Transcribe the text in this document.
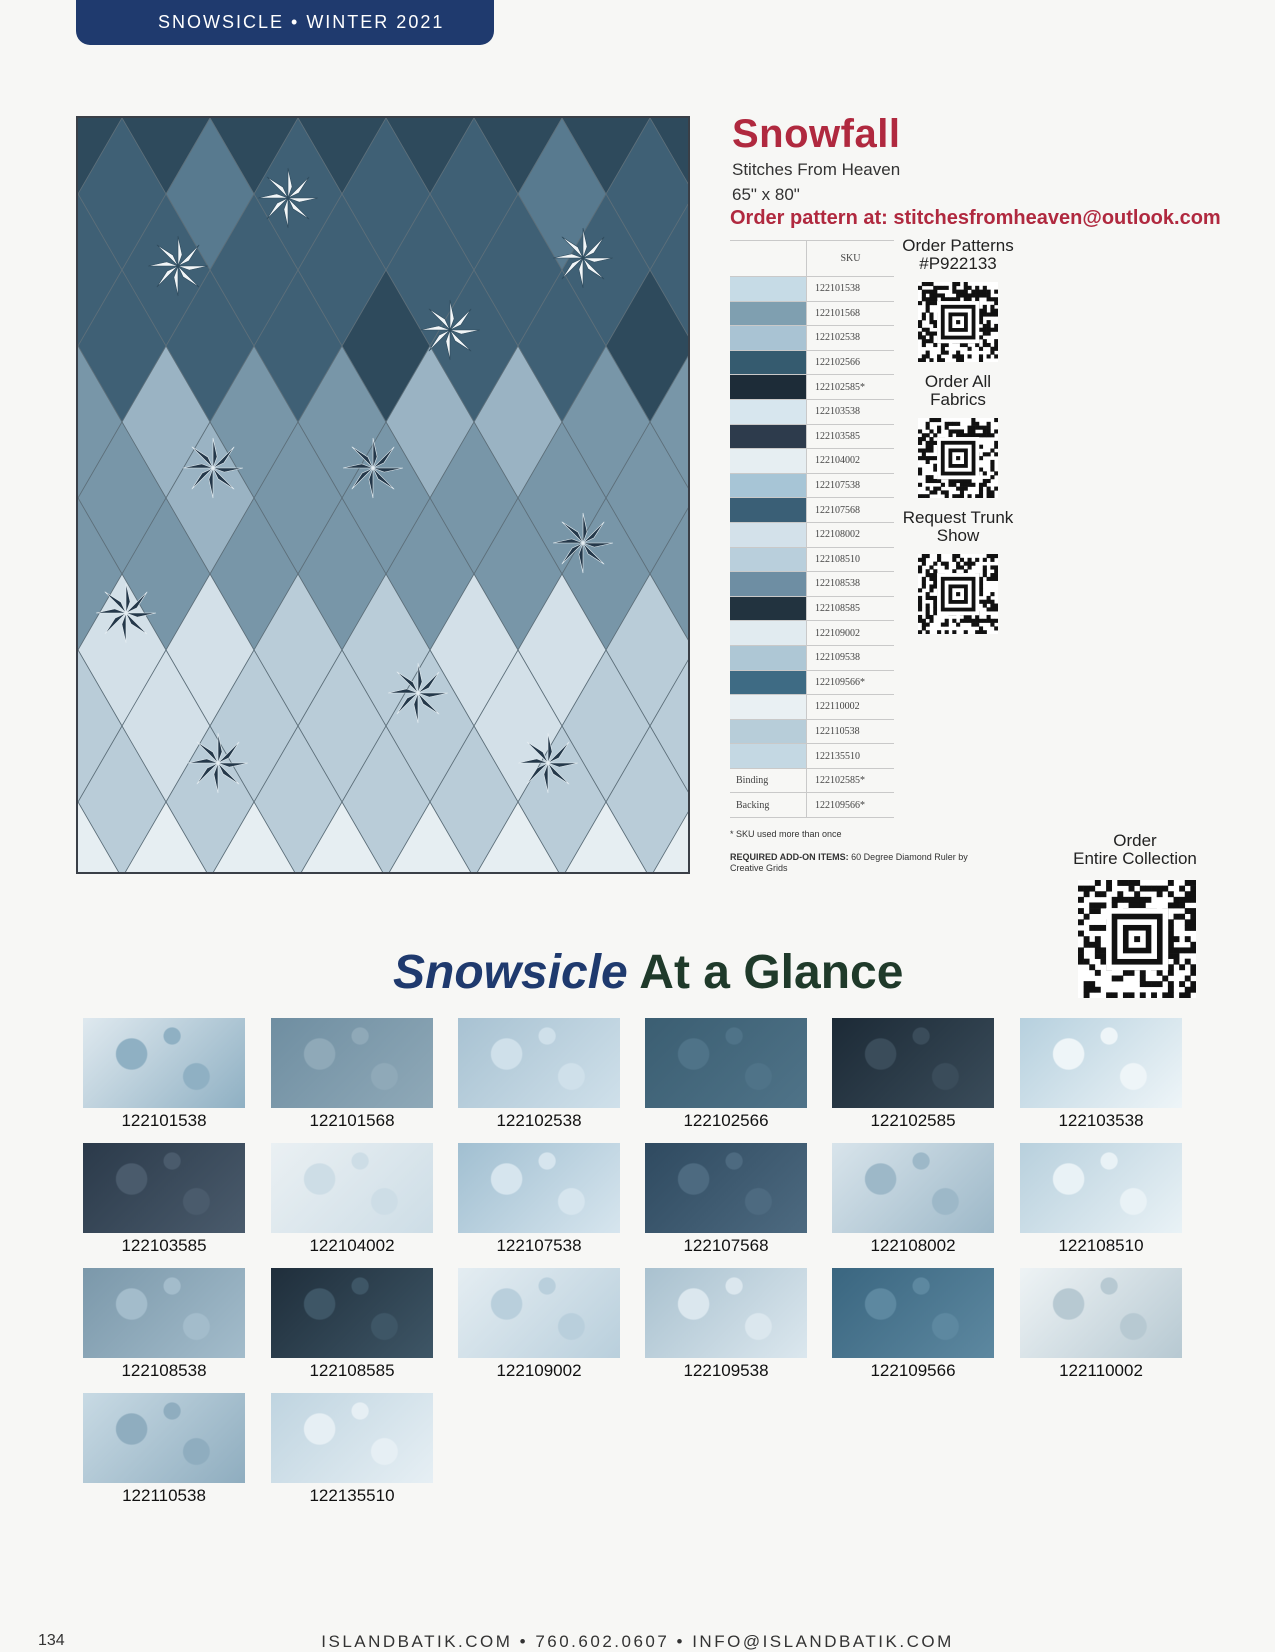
SNOWSICLE • WINTER 2021
Snowfall
Stitches From Heaven
65" x 80"
Order pattern at: stitchesfromheaven@outlook.com
	SKU
	122101538
	122101568
	122102538
	122102566
	122102585*
	122103538
	122103585
	122104002
	122107538
	122107568
	122108002
	122108510
	122108538
	122108585
	122109002
	122109538
	122109566*
	122110002
	122110538
	122135510
Binding	122102585*
Backing	122109566*
* SKU used more than once
REQUIRED ADD-ON ITEMS: 60 Degree Diamond Ruler by Creative Grids
Order Patterns
#P922133
Order All
Fabrics
Request Trunk
Show
Order
Entire Collection
Snowsicle At a Glance
122101538	122101568	122102538	122102566	122102585	122103538
122103585	122104002	122107538	122107568	122108002	122108510
122108538	122108585	122109002	122109538	122109566	122110002
122110538	122135510
134	ISLANDBATIK.COM • 760.602.0607 • INFO@ISLANDBATIK.COM
